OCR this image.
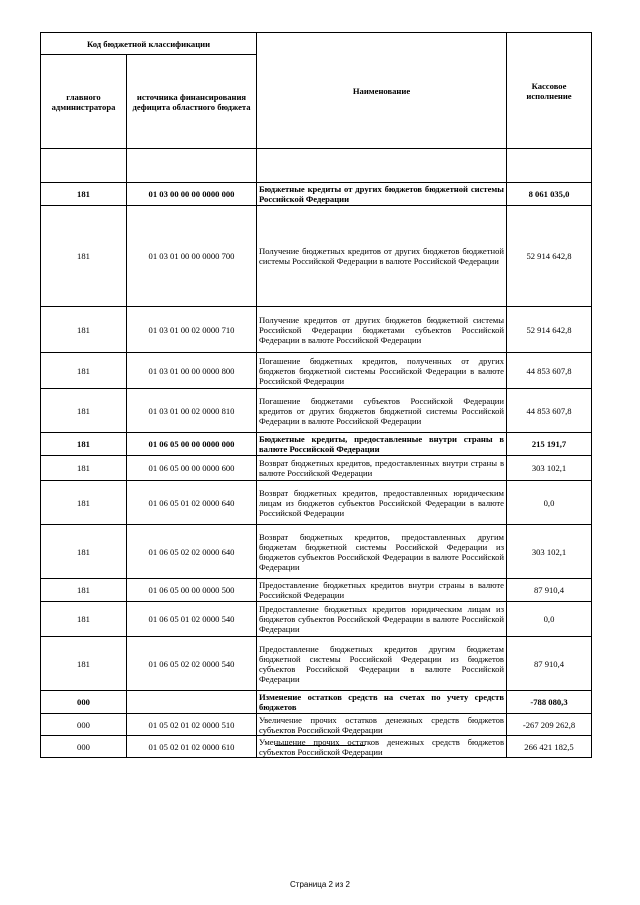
Код бюджетной классификации		Наименование	Кассовое исполнение
главного администратора	источника финансирования дефицита областного бюджета		

181	01 03 00 00 00 0000 000	Бюджетные кредиты от других бюджетов бюджетной системы Российской Федерации	8 061 035,0
181	01 03 01 00 00 0000 700	Получение бюджетных кредитов от других бюджетов бюджетной системы Российской Федерации в валюте Российской Федерации	52 914 642,8
181	01 03 01 00 02 0000 710	Получение кредитов от других бюджетов бюджетной системы Российской Федерации бюджетами субъектов Российской Федерации в валюте Российской Федерации	52 914 642,8
181	01 03 01 00 00 0000 800	Погашение бюджетных кредитов, полученных от других бюджетов бюджетной системы Российской Федерации в валюте Российской Федерации	44 853 607,8
181	01 03 01 00 02 0000 810	Погашение бюджетами субъектов Российской Федерации кредитов от других бюджетов бюджетной системы Российской Федерации в валюте Российской Федерации	44 853 607,8
181	01 06 05 00 00 0000 000	Бюджетные кредиты, предоставленные внутри страны в валюте Российской Федерации	215 191,7
181	01 06 05 00 00 0000 600	Возврат бюджетных кредитов, предоставленных внутри страны в валюте Российской Федерации	303 102,1
181	01 06 05 01 02 0000 640	Возврат бюджетных кредитов, предоставленных юридическим лицам из бюджетов субъектов Российской Федерации в валюте Российской Федерации	0,0
181	01 06 05 02 02 0000 640	Возврат бюджетных кредитов, предоставленных другим бюджетам бюджетной системы Российской Федерации из бюджетов субъектов Российской Федерации в валюте Российской Федерации	303 102,1
181	01 06 05 00 00 0000 500	Предоставление бюджетных кредитов внутри страны в валюте Российской Федерации	87 910,4
181	01 06 05 01 02 0000 540	Предоставление бюджетных кредитов юридическим лицам из бюджетов субъектов Российской Федерации в валюте Российской Федерации	0,0
181	01 06 05 02 02 0000 540	Предоставление бюджетных кредитов другим бюджетам бюджетной системы Российской Федерации из бюджетов субъектов Российской Федерации в валюте Российской Федерации	87 910,4
000		Изменение остатков средств на счетах по учету средств бюджетов	-788 080,3
000	01 05 02 01 02 0000 510	Увеличение прочих остатков денежных средств бюджетов субъектов Российской Федерации	-267 209 262,8
000	01 05 02 01 02 0000 610	Уменьшение прочих остатков денежных средств бюджетов субъектов Российской Федерации	266 421 182,5
Страница 2 из 2
